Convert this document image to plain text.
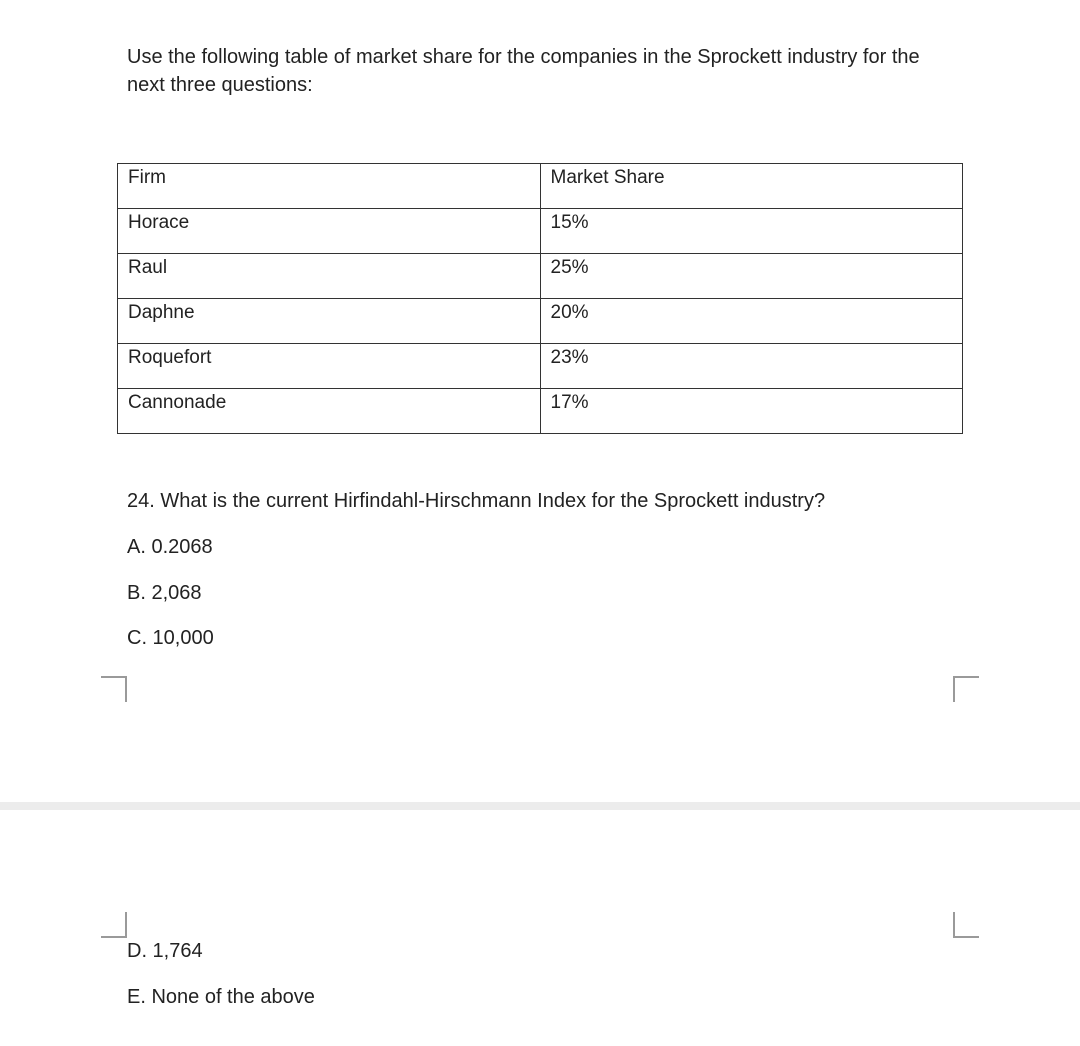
Use the following table of market share for the companies in the Sprockett industry for the next three questions:

Firm	Market Share
Horace	15%
Raul	25%
Daphne	20%
Roquefort	23%
Cannonade	17%

24. What is the current Hirfindahl-Hirschmann Index for the Sprockett industry?

A. 0.2068

B. 2,068

C. 10,000

D. 1,764

E. None of the above
